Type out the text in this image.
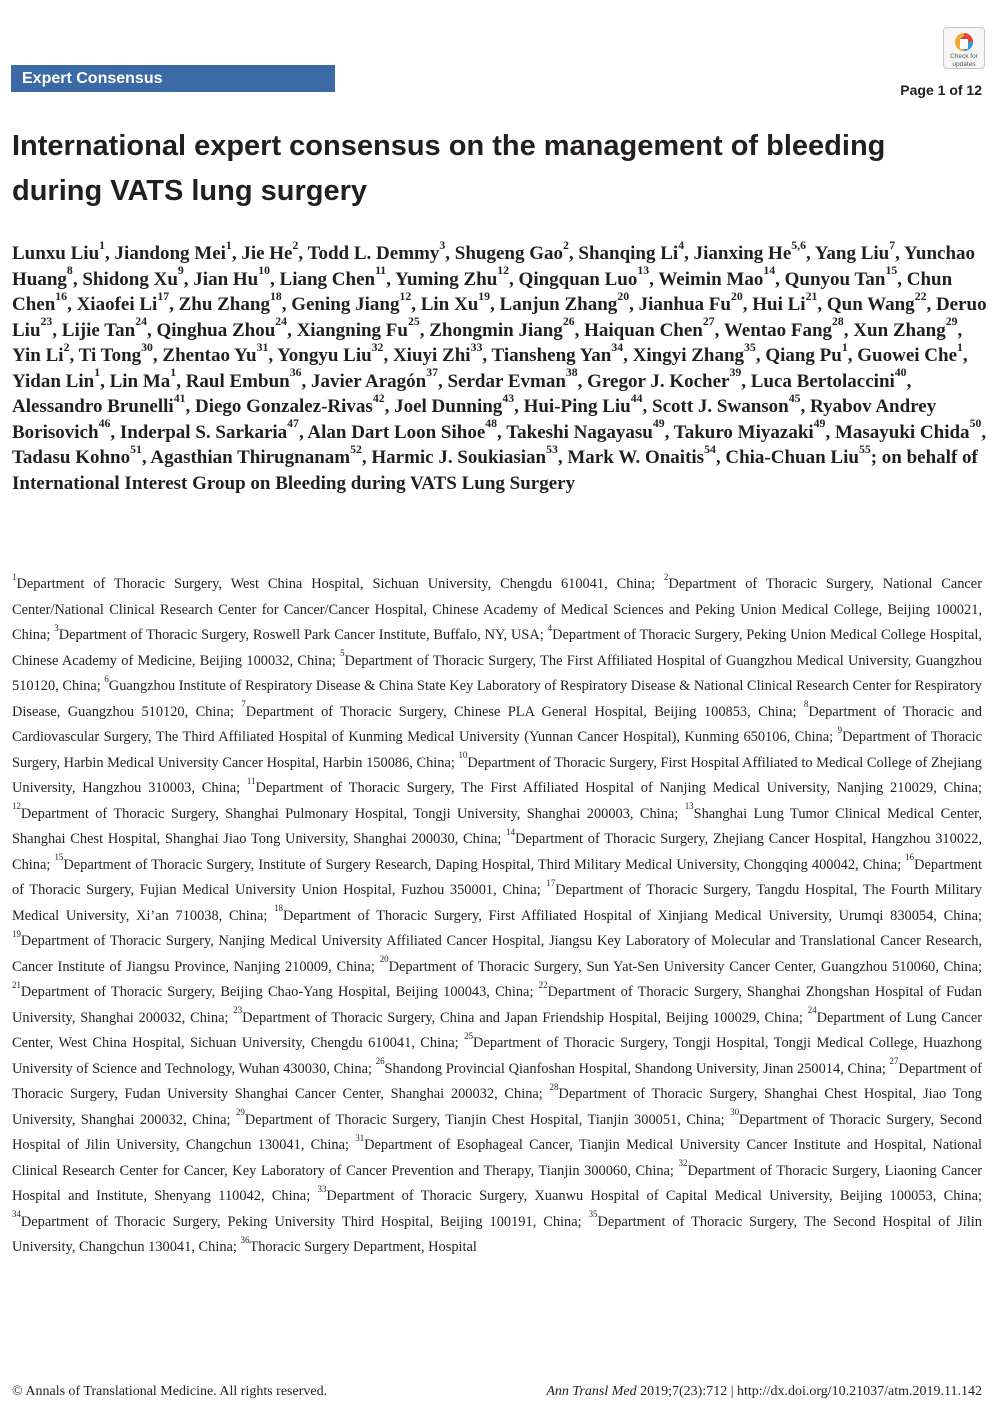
Expert Consensus
Check for
updates
Page 1 of 12
International expert consensus on the management of bleeding during VATS lung surgery

Lunxu Liu$^1$, Jiandong Mei$^1$, Jie He$^2$, Todd L. Demmy$^3$, Shugeng Gao$^2$, Shanqing Li$^4$, Jianxing He$^{5,6}$, Yang Liu$^7$, Yunchao Huang$^8$, Shidong Xu$^9$, Jian Hu$^{10}$, Liang Chen$^{11}$, Yuming Zhu$^{12}$, Qingquan Luo$^{13}$, Weimin Mao$^{14}$, Qunyou Tan$^{15}$, Chun Chen$^{16}$, Xiaofei Li$^{17}$, Zhu Zhang$^{18}$, Gening Jiang$^{12}$, Lin Xu$^{19}$, Lanjun Zhang$^{20}$, Jianhua Fu$^{20}$, Hui Li$^{21}$, Qun Wang$^{22}$, Deruo Liu$^{23}$, Lijie Tan$^{24}$, Qinghua Zhou$^{24}$, Xiangning Fu$^{25}$, Zhongmin Jiang$^{26}$, Haiquan Chen$^{27}$, Wentao Fang$^{28}$, Xun Zhang$^{29}$, Yin Li$^2$, Ti Tong$^{30}$, Zhentao Yu$^{31}$, Yongyu Liu$^{32}$, Xiuyi Zhi$^{33}$, Tiansheng Yan$^{34}$, Xingyi Zhang$^{35}$, Qiang Pu$^1$, Guowei Che$^1$, Yidan Lin$^1$, Lin Ma$^1$, Raul Embun$^{36}$, Javier Aragón$^{37}$, Serdar Evman$^{38}$, Gregor J. Kocher$^{39}$, Luca Bertolaccini$^{40}$, Alessandro Brunelli$^{41}$, Diego Gonzalez-Rivas$^{42}$, Joel Dunning$^{43}$, Hui-Ping Liu$^{44}$, Scott J. Swanson$^{45}$, Ryabov Andrey Borisovich$^{46}$, Inderpal S. Sarkaria$^{47}$, Alan Dart Loon Sihoe$^{48}$, Takeshi Nagayasu$^{49}$, Takuro Miyazaki$^{49}$, Masayuki Chida$^{50}$, Tadasu Kohno$^{51}$, Agasthian Thirugnanam$^{52}$, Harmic J. Soukiasian$^{53}$, Mark W. Onaitis$^{54}$, Chia-Chuan Liu$^{55}$; on behalf of International Interest Group on Bleeding during VATS Lung Surgery

$^1$Department of Thoracic Surgery, West China Hospital, Sichuan University, Chengdu 610041, China; $^2$Department of Thoracic Surgery, National Cancer Center/National Clinical Research Center for Cancer/Cancer Hospital, Chinese Academy of Medical Sciences and Peking Union Medical College, Beijing 100021, China; $^3$Department of Thoracic Surgery, Roswell Park Cancer Institute, Buffalo, NY, USA; $^4$Department of Thoracic Surgery, Peking Union Medical College Hospital, Chinese Academy of Medicine, Beijing 100032, China; $^5$Department of Thoracic Surgery, The First Affiliated Hospital of Guangzhou Medical University, Guangzhou 510120, China; $^6$Guangzhou Institute of Respiratory Disease & China State Key Laboratory of Respiratory Disease & National Clinical Research Center for Respiratory Disease, Guangzhou 510120, China; $^7$Department of Thoracic Surgery, Chinese PLA General Hospital, Beijing 100853, China; $^8$Department of Thoracic and Cardiovascular Surgery, The Third Affiliated Hospital of Kunming Medical University (Yunnan Cancer Hospital), Kunming 650106, China; $^9$Department of Thoracic Surgery, Harbin Medical University Cancer Hospital, Harbin 150086, China; $^{10}$Department of Thoracic Surgery, First Hospital Affiliated to Medical College of Zhejiang University, Hangzhou 310003, China; $^{11}$Department of Thoracic Surgery, The First Affiliated Hospital of Nanjing Medical University, Nanjing 210029, China; $^{12}$Department of Thoracic Surgery, Shanghai Pulmonary Hospital, Tongji University, Shanghai 200003, China; $^{13}$Shanghai Lung Tumor Clinical Medical Center, Shanghai Chest Hospital, Shanghai Jiao Tong University, Shanghai 200030, China; $^{14}$Department of Thoracic Surgery, Zhejiang Cancer Hospital, Hangzhou 310022, China; $^{15}$Department of Thoracic Surgery, Institute of Surgery Research, Daping Hospital, Third Military Medical University, Chongqing 400042, China; $^{16}$Department of Thoracic Surgery, Fujian Medical University Union Hospital, Fuzhou 350001, China; $^{17}$Department of Thoracic Surgery, Tangdu Hospital, The Fourth Military Medical University, Xi’an 710038, China; $^{18}$Department of Thoracic Surgery, First Affiliated Hospital of Xinjiang Medical University, Urumqi 830054, China; $^{19}$Department of Thoracic Surgery, Nanjing Medical University Affiliated Cancer Hospital, Jiangsu Key Laboratory of Molecular and Translational Cancer Research, Cancer Institute of Jiangsu Province, Nanjing 210009, China; $^{20}$Department of Thoracic Surgery, Sun Yat-Sen University Cancer Center, Guangzhou 510060, China; $^{21}$Department of Thoracic Surgery, Beijing Chao-Yang Hospital, Beijing 100043, China; $^{22}$Department of Thoracic Surgery, Shanghai Zhongshan Hospital of Fudan University, Shanghai 200032, China; $^{23}$Department of Thoracic Surgery, China and Japan Friendship Hospital, Beijing 100029, China; $^{24}$Department of Lung Cancer Center, West China Hospital, Sichuan University, Chengdu 610041, China; $^{25}$Department of Thoracic Surgery, Tongji Hospital, Tongji Medical College, Huazhong University of Science and Technology, Wuhan 430030, China; $^{26}$Shandong Provincial Qianfoshan Hospital, Shandong University, Jinan 250014, China; $^{27}$Department of Thoracic Surgery, Fudan University Shanghai Cancer Center, Shanghai 200032, China; $^{28}$Department of Thoracic Surgery, Shanghai Chest Hospital, Jiao Tong University, Shanghai 200032, China; $^{29}$Department of Thoracic Surgery, Tianjin Chest Hospital, Tianjin 300051, China; $^{30}$Department of Thoracic Surgery, Second Hospital of Jilin University, Changchun 130041, China; $^{31}$Department of Esophageal Cancer, Tianjin Medical University Cancer Institute and Hospital, National Clinical Research Center for Cancer, Key Laboratory of Cancer Prevention and Therapy, Tianjin 300060, China; $^{32}$Department of Thoracic Surgery, Liaoning Cancer Hospital and Institute, Shenyang 110042, China; $^{33}$Department of Thoracic Surgery, Xuanwu Hospital of Capital Medical University, Beijing 100053, China; $^{34}$Department of Thoracic Surgery, Peking University Third Hospital, Beijing 100191, China; $^{35}$Department of Thoracic Surgery, The Second Hospital of Jilin University, Changchun 130041, China; $^{36}$Thoracic Surgery Department, Hospital

© Annals of Translational Medicine. All rights reserved.	Ann Transl Med 2019;7(23):712 | http://dx.doi.org/10.21037/atm.2019.11.142
